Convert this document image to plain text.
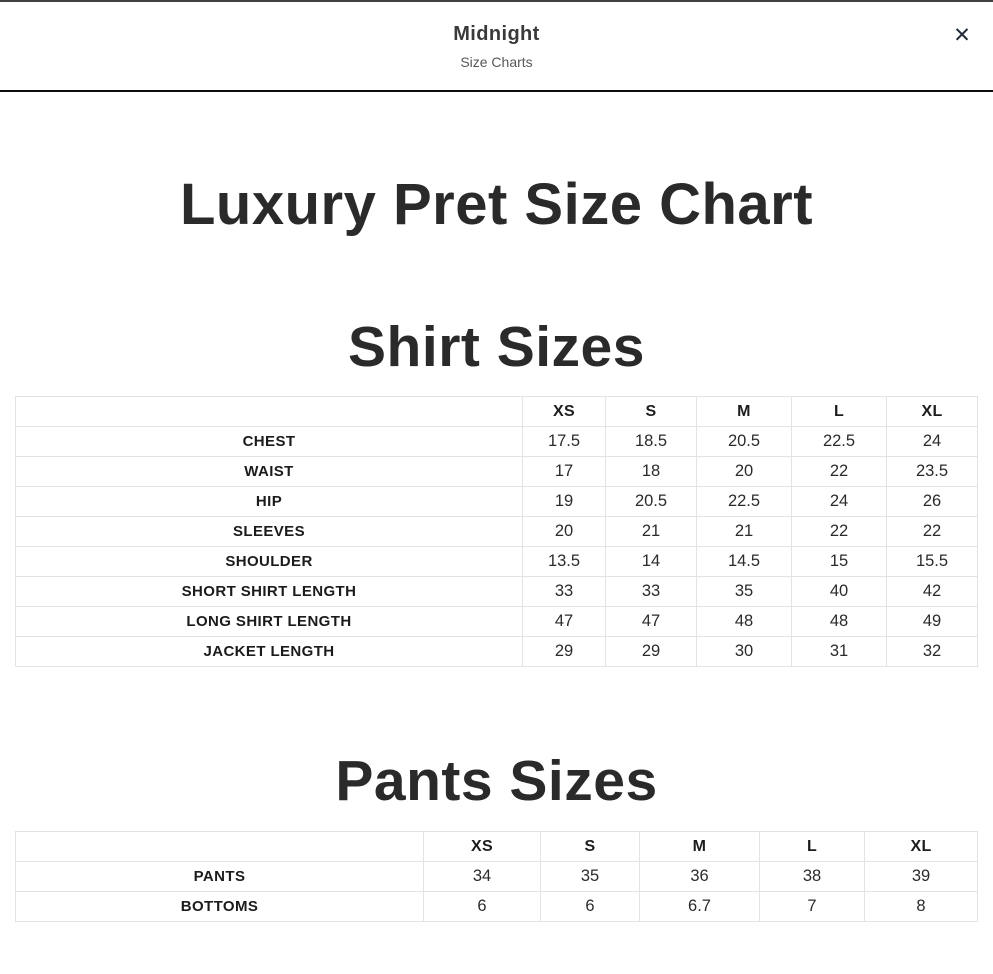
Midnight
Size Charts
✕
Luxury Pret Size Chart
Shirt Sizes
	XS	S	M	L	XL
CHEST	17.5	18.5	20.5	22.5	24
WAIST	17	18	20	22	23.5
HIP	19	20.5	22.5	24	26
SLEEVES	20	21	21	22	22
SHOULDER	13.5	14	14.5	15	15.5
SHORT SHIRT LENGTH	33	33	35	40	42
LONG SHIRT LENGTH	47	47	48	48	49
JACKET LENGTH	29	29	30	31	32
Pants Sizes
	XS	S	M	L	XL
PANTS	34	35	36	38	39
BOTTOMS	6	6	6.7	7	8
